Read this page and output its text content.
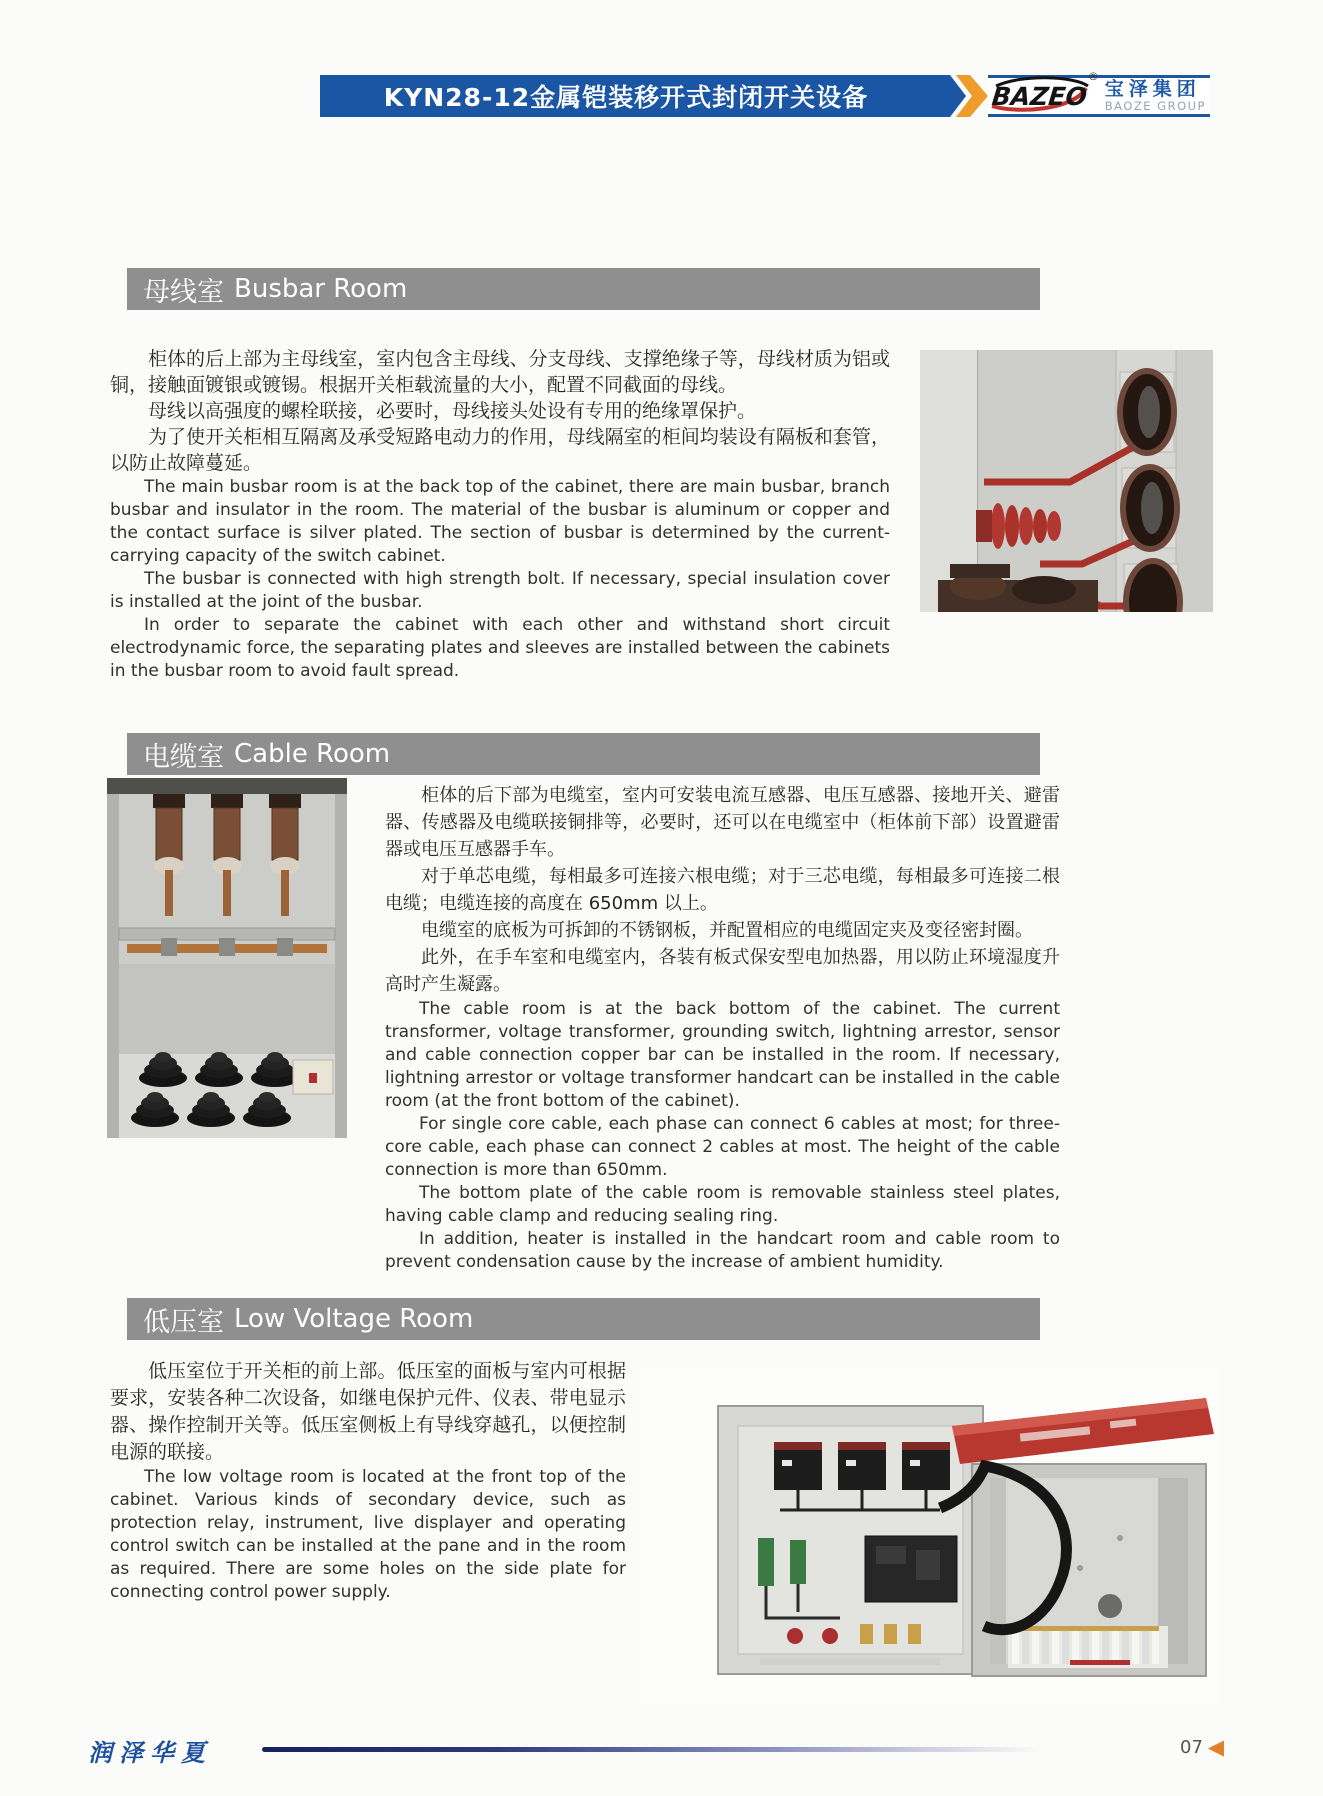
KYN28-12金属铠装移开式封闭开关设备	BAZEO
®
宝泽集团
BAOZE GROUP
母线室 Busbar Room

柜体的后上部为主母线室，室内包含主母线、分支母线、支撑绝缘子等，母线材质为铝或铜，接触面镀银或镀锡。根据开关柜载流量的大小，配置不同截面的母线。

母线以高强度的螺栓联接，必要时，母线接头处设有专用的绝缘罩保护。

为了使开关柜相互隔离及承受短路电动力的作用，母线隔室的柜间均装设有隔板和套管，以防止故障蔓延。

The main busbar room is at the back top of the cabinet, there are main busbar, branch busbar and insulator in the room. The material of the busbar is aluminum or copper and the contact surface is silver plated. The section of busbar is determined by the current-carrying capacity of the switch cabinet.

The busbar is connected with high strength bolt. If necessary, special insulation cover is installed at the joint of the busbar.

In order to separate the cabinet with each other and withstand short circuit electrodynamic force, the separating plates and sleeves are installed between the cabinets in the busbar room to avoid fault spread.

电缆室 Cable Room

柜体的后下部为电缆室，室内可安装电流互感器、电压互感器、接地开关、避雷器、传感器及电缆联接铜排等，必要时，还可以在电缆室中（柜体前下部）设置避雷器或电压互感器手车。

对于单芯电缆，每相最多可连接六根电缆；对于三芯电缆，每相最多可连接二根电缆；电缆连接的高度在 650mm 以上。

电缆室的底板为可拆卸的不锈钢板，并配置相应的电缆固定夹及变径密封圈。

此外，在手车室和电缆室内，各装有板式保安型电加热器，用以防止环境湿度升高时产生凝露。

The cable room is at the back bottom of the cabinet. The current transformer, voltage transformer, grounding switch, lightning arrestor, sensor and cable connection copper bar can be installed in the room. If necessary, lightning arrestor or voltage transformer handcart can be installed in the cable room (at the front bottom of the cabinet).

For single core cable, each phase can connect 6 cables at most; for three-core cable, each phase can connect 2 cables at most. The height of the cable connection is more than 650mm.

The bottom plate of the cable room is removable stainless steel plates, having cable clamp and reducing sealing ring.

In addition, heater is installed in the handcart room and cable room to prevent condensation cause by the increase of ambient humidity.

低压室 Low Voltage Room

低压室位于开关柜的前上部。低压室的面板与室内可根据要求，安装各种二次设备，如继电保护元件、仪表、带电显示器、操作控制开关等。低压室侧板上有导线穿越孔，以便控制电源的联接。

The low voltage room is located at the front top of the cabinet. Various kinds of secondary device, such as protection relay, instrument, live displayer and operating control switch can be installed at the pane and in the room as required. There are some holes on the side plate for connecting control power supply.

润泽华夏	07 ◀
